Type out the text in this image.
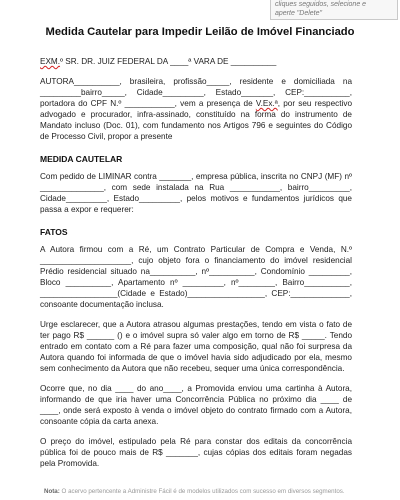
cliques seguidos, selecione e
aperte "Delete"
Medida Cautelar para Impedir Leilão de Imóvel Financiado

EXM.º SR. DR. JUIZ FEDERAL DA ____ª VARA DE __________

AUTORA__________, brasileira, profissão_____, residente e domiciliada na _________bairro_____, Cidade_________, Estado_______, CEP:__________, portadora do CPF N.º ___________, vem a presença de V.Ex.ª, por seu respectivo advogado e procurador, infra-assinado, constituído na forma do instrumento de Mandato incluso (Doc. 01), com fundamento nos Artigos 796 e seguintes do Código de Processo Civil, propor a presente

MEDIDA CAUTELAR

Com pedido de LIMINAR contra _______, empresa pública, inscrita no CNPJ (MF) nº ______________, com sede instalada na Rua ___________, bairro_________, Cidade_________, Estado_________, pelos motivos e fundamentos jurídicos que passa a expor e requerer:

FATOS

A Autora firmou com a Ré, um Contrato Particular de Compra e Venda, N.º ____________________, cujo objeto fora o financiamento do imóvel residencial Prédio residencial situado na__________, nº__________, Condomínio _________, Bloco __________, Apartamento nº _________, nº________, Bairro__________, _________________(Cidade e Estado)_________________, CEP:_____________, consoante documentação inclusa.

Urge esclarecer, que a Autora atrasou algumas prestações, tendo em vista o fato de ter pago R$ ______ () e o imóvel supra só valer algo em torno de R$ _____. Tendo entrado em contato com a Ré para fazer uma composição, qual não foi surpresa da Autora quando foi informada de que o imóvel havia sido adjudicado por ela, mesmo sem conhecimento da Autora que não recebeu, sequer uma única correspondência.

Ocorre que, no dia ____ do ano____, a Promovida enviou uma cartinha à Autora, informando de que iria haver uma Concorrência Pública no próximo dia ____ de ____, onde será exposto à venda o imóvel objeto do contrato firmado com a Autora, consoante cópia da carta anexa.

O preço do imóvel, estipulado pela Ré para constar dos editais da concorrência pública foi de pouco mais de R$ _______, cujas cópias dos editais foram negadas pela Promovida.

Nota: O acervo pertencente a Administre Fácil é de modelos utilizados com sucesso em diversos segmentos.
